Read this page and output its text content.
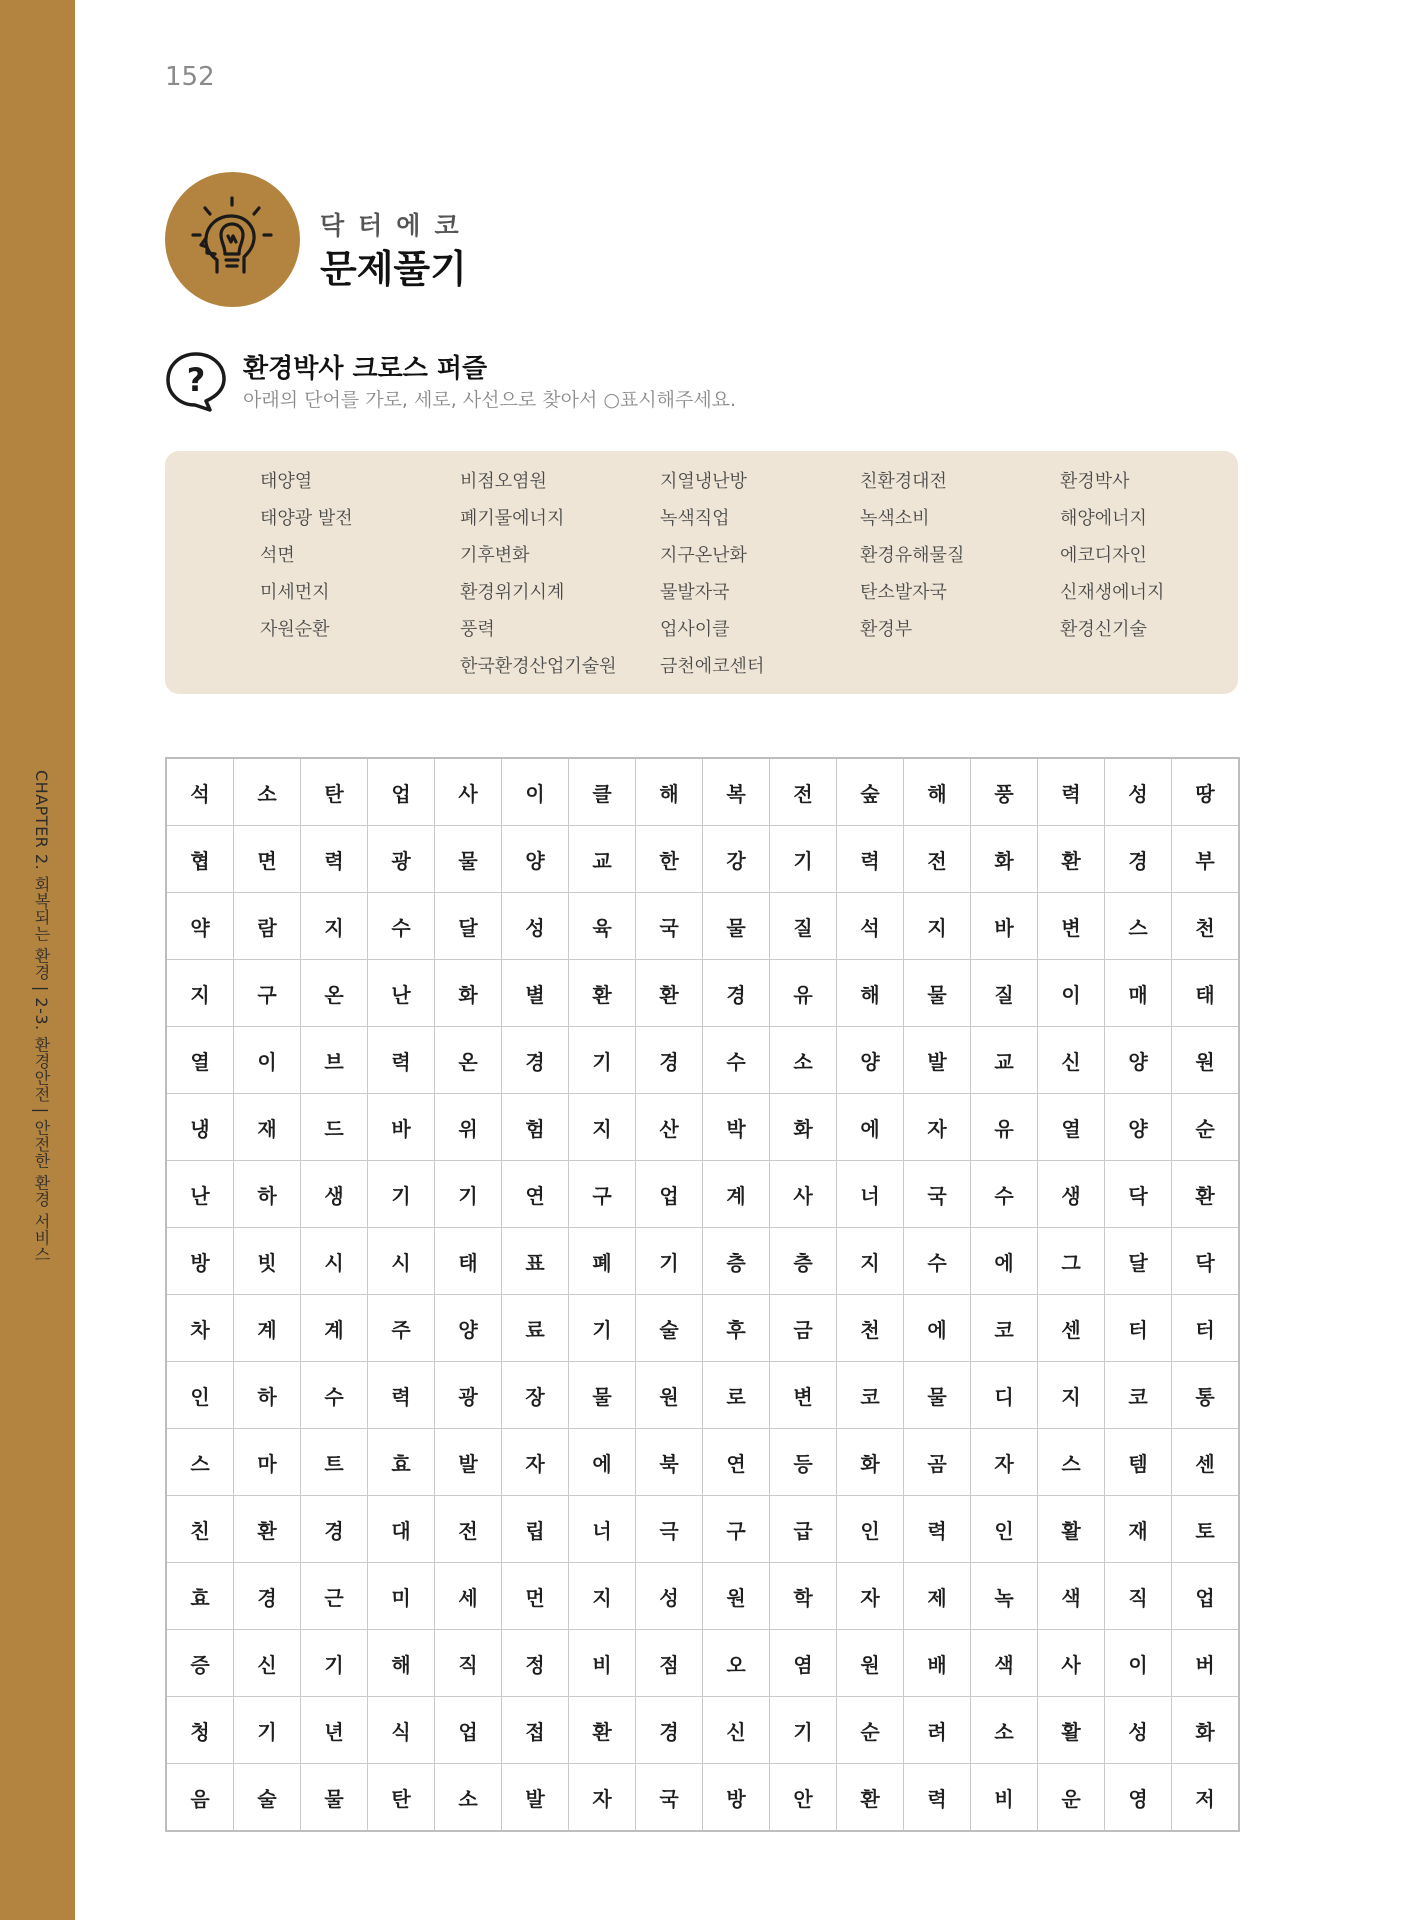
CHAPTER 2. 회복되는 환경 | 2-3. 환경안전 | 안전한 환경 서비스
152
닥터에코
문제풀기
? 환경박사 크로스 퍼즐
아래의 단어를 가로, 세로, 사선으로 찾아서 ○표시해주세요.
태양열
태양광 발전
석면
미세먼지
자원순환
비점오염원
폐기물에너지
기후변화
환경위기시계
풍력
한국환경산업기술원
지열냉난방
녹색직업
지구온난화
물발자국
업사이클
금천에코센터
친환경대전
녹색소비
환경유해물질
탄소발자국
환경부
환경박사
해양에너지
에코디자인
신재생에너지
환경신기술
석	소	탄	업	사	이	클	해	복	전	숲	해	풍	력	성	땅
협	면	력	광	물	양	교	한	강	기	력	전	화	환	경	부
약	람	지	수	달	성	육	국	물	질	석	지	바	변	스	천
지	구	온	난	화	별	환	환	경	유	해	물	질	이	매	태
열	이	브	력	온	경	기	경	수	소	양	발	교	신	양	원
냉	재	드	바	위	험	지	산	박	화	에	자	유	열	양	순
난	하	생	기	기	연	구	업	계	사	너	국	수	생	닥	환
방	빗	시	시	태	표	폐	기	층	층	지	수	에	그	달	닥
차	계	계	주	양	료	기	술	후	금	천	에	코	센	터	터
인	하	수	력	광	장	물	원	로	변	코	물	디	지	코	통
스	마	트	효	발	자	에	북	연	등	화	곰	자	스	템	센
친	환	경	대	전	립	너	극	구	급	인	력	인	활	재	토
효	경	근	미	세	먼	지	성	원	학	자	제	녹	색	직	업
증	신	기	해	직	정	비	점	오	염	원	배	색	사	이	버
청	기	년	식	업	접	환	경	신	기	순	려	소	활	성	화
음	술	물	탄	소	발	자	국	방	안	환	력	비	운	영	저
